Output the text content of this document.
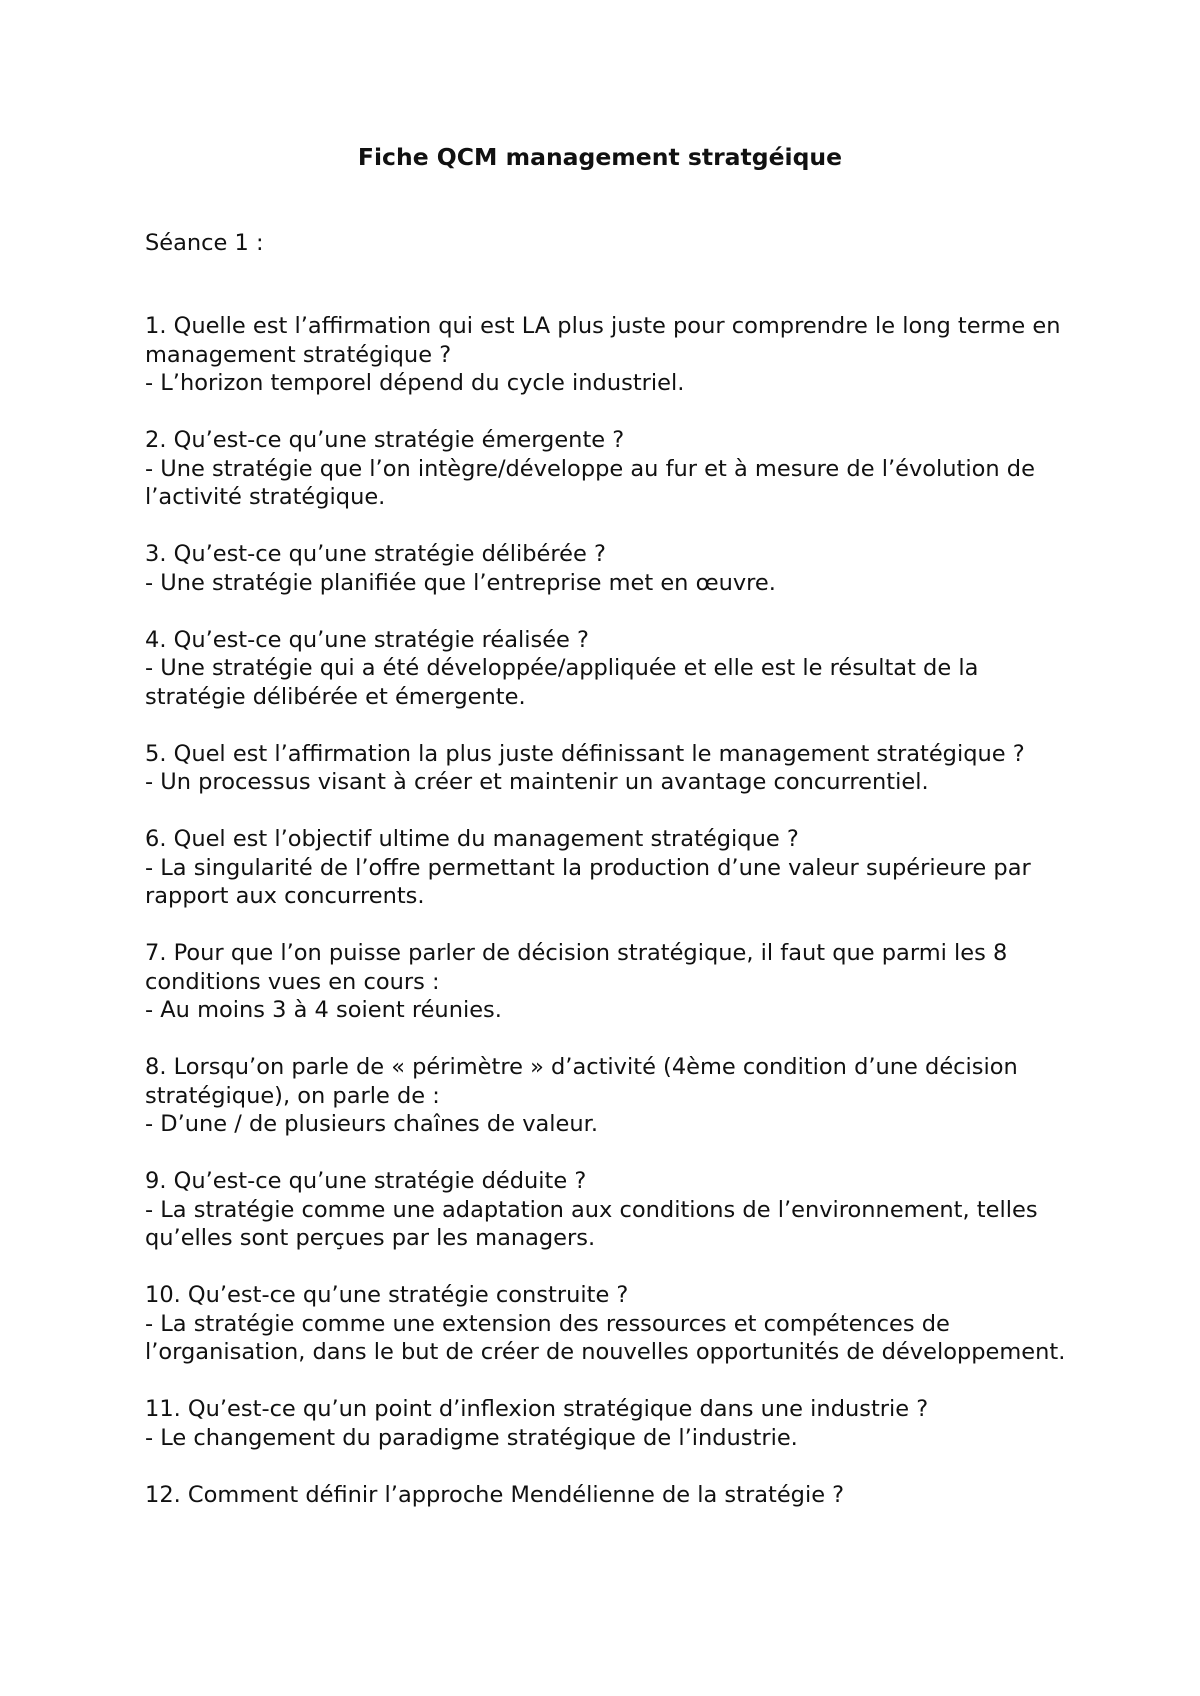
Fiche QCM management stratgéique

Séance 1 :

1. Quelle est l’affirmation qui est LA plus juste pour comprendre le long terme en management stratégique ?

- L’horizon temporel dépend du cycle industriel.

2. Qu’est-ce qu’une stratégie émergente ?

- Une stratégie que l’on intègre/développe au fur et à mesure de l’évolution de l’activité stratégique.

3. Qu’est-ce qu’une stratégie délibérée ?

- Une stratégie planifiée que l’entreprise met en œuvre.

4. Qu’est-ce qu’une stratégie réalisée ?

- Une stratégie qui a été développée/appliquée et elle est le résultat de la stratégie délibérée et émergente.

5. Quel est l’affirmation la plus juste définissant le management stratégique ?

- Un processus visant à créer et maintenir un avantage concurrentiel.

6. Quel est l’objectif ultime du management stratégique ?

- La singularité de l’offre permettant la production d’une valeur supérieure par rapport aux concurrents.

7. Pour que l’on puisse parler de décision stratégique, il faut que parmi les 8 conditions vues en cours :

- Au moins 3 à 4 soient réunies.

8. Lorsqu’on parle de « périmètre » d’activité (4ème condition d’une décision stratégique), on parle de :

- D’une / de plusieurs chaînes de valeur.

9. Qu’est-ce qu’une stratégie déduite ?

- La stratégie comme une adaptation aux conditions de l’environnement, telles qu’elles sont perçues par les managers.

10. Qu’est-ce qu’une stratégie construite ?

- La stratégie comme une extension des ressources et compétences de l’organisation, dans le but de créer de nouvelles opportunités de développement.

11. Qu’est-ce qu’un point d’inflexion stratégique dans une industrie ?

- Le changement du paradigme stratégique de l’industrie.

12. Comment définir l’approche Mendélienne de la stratégie ?
